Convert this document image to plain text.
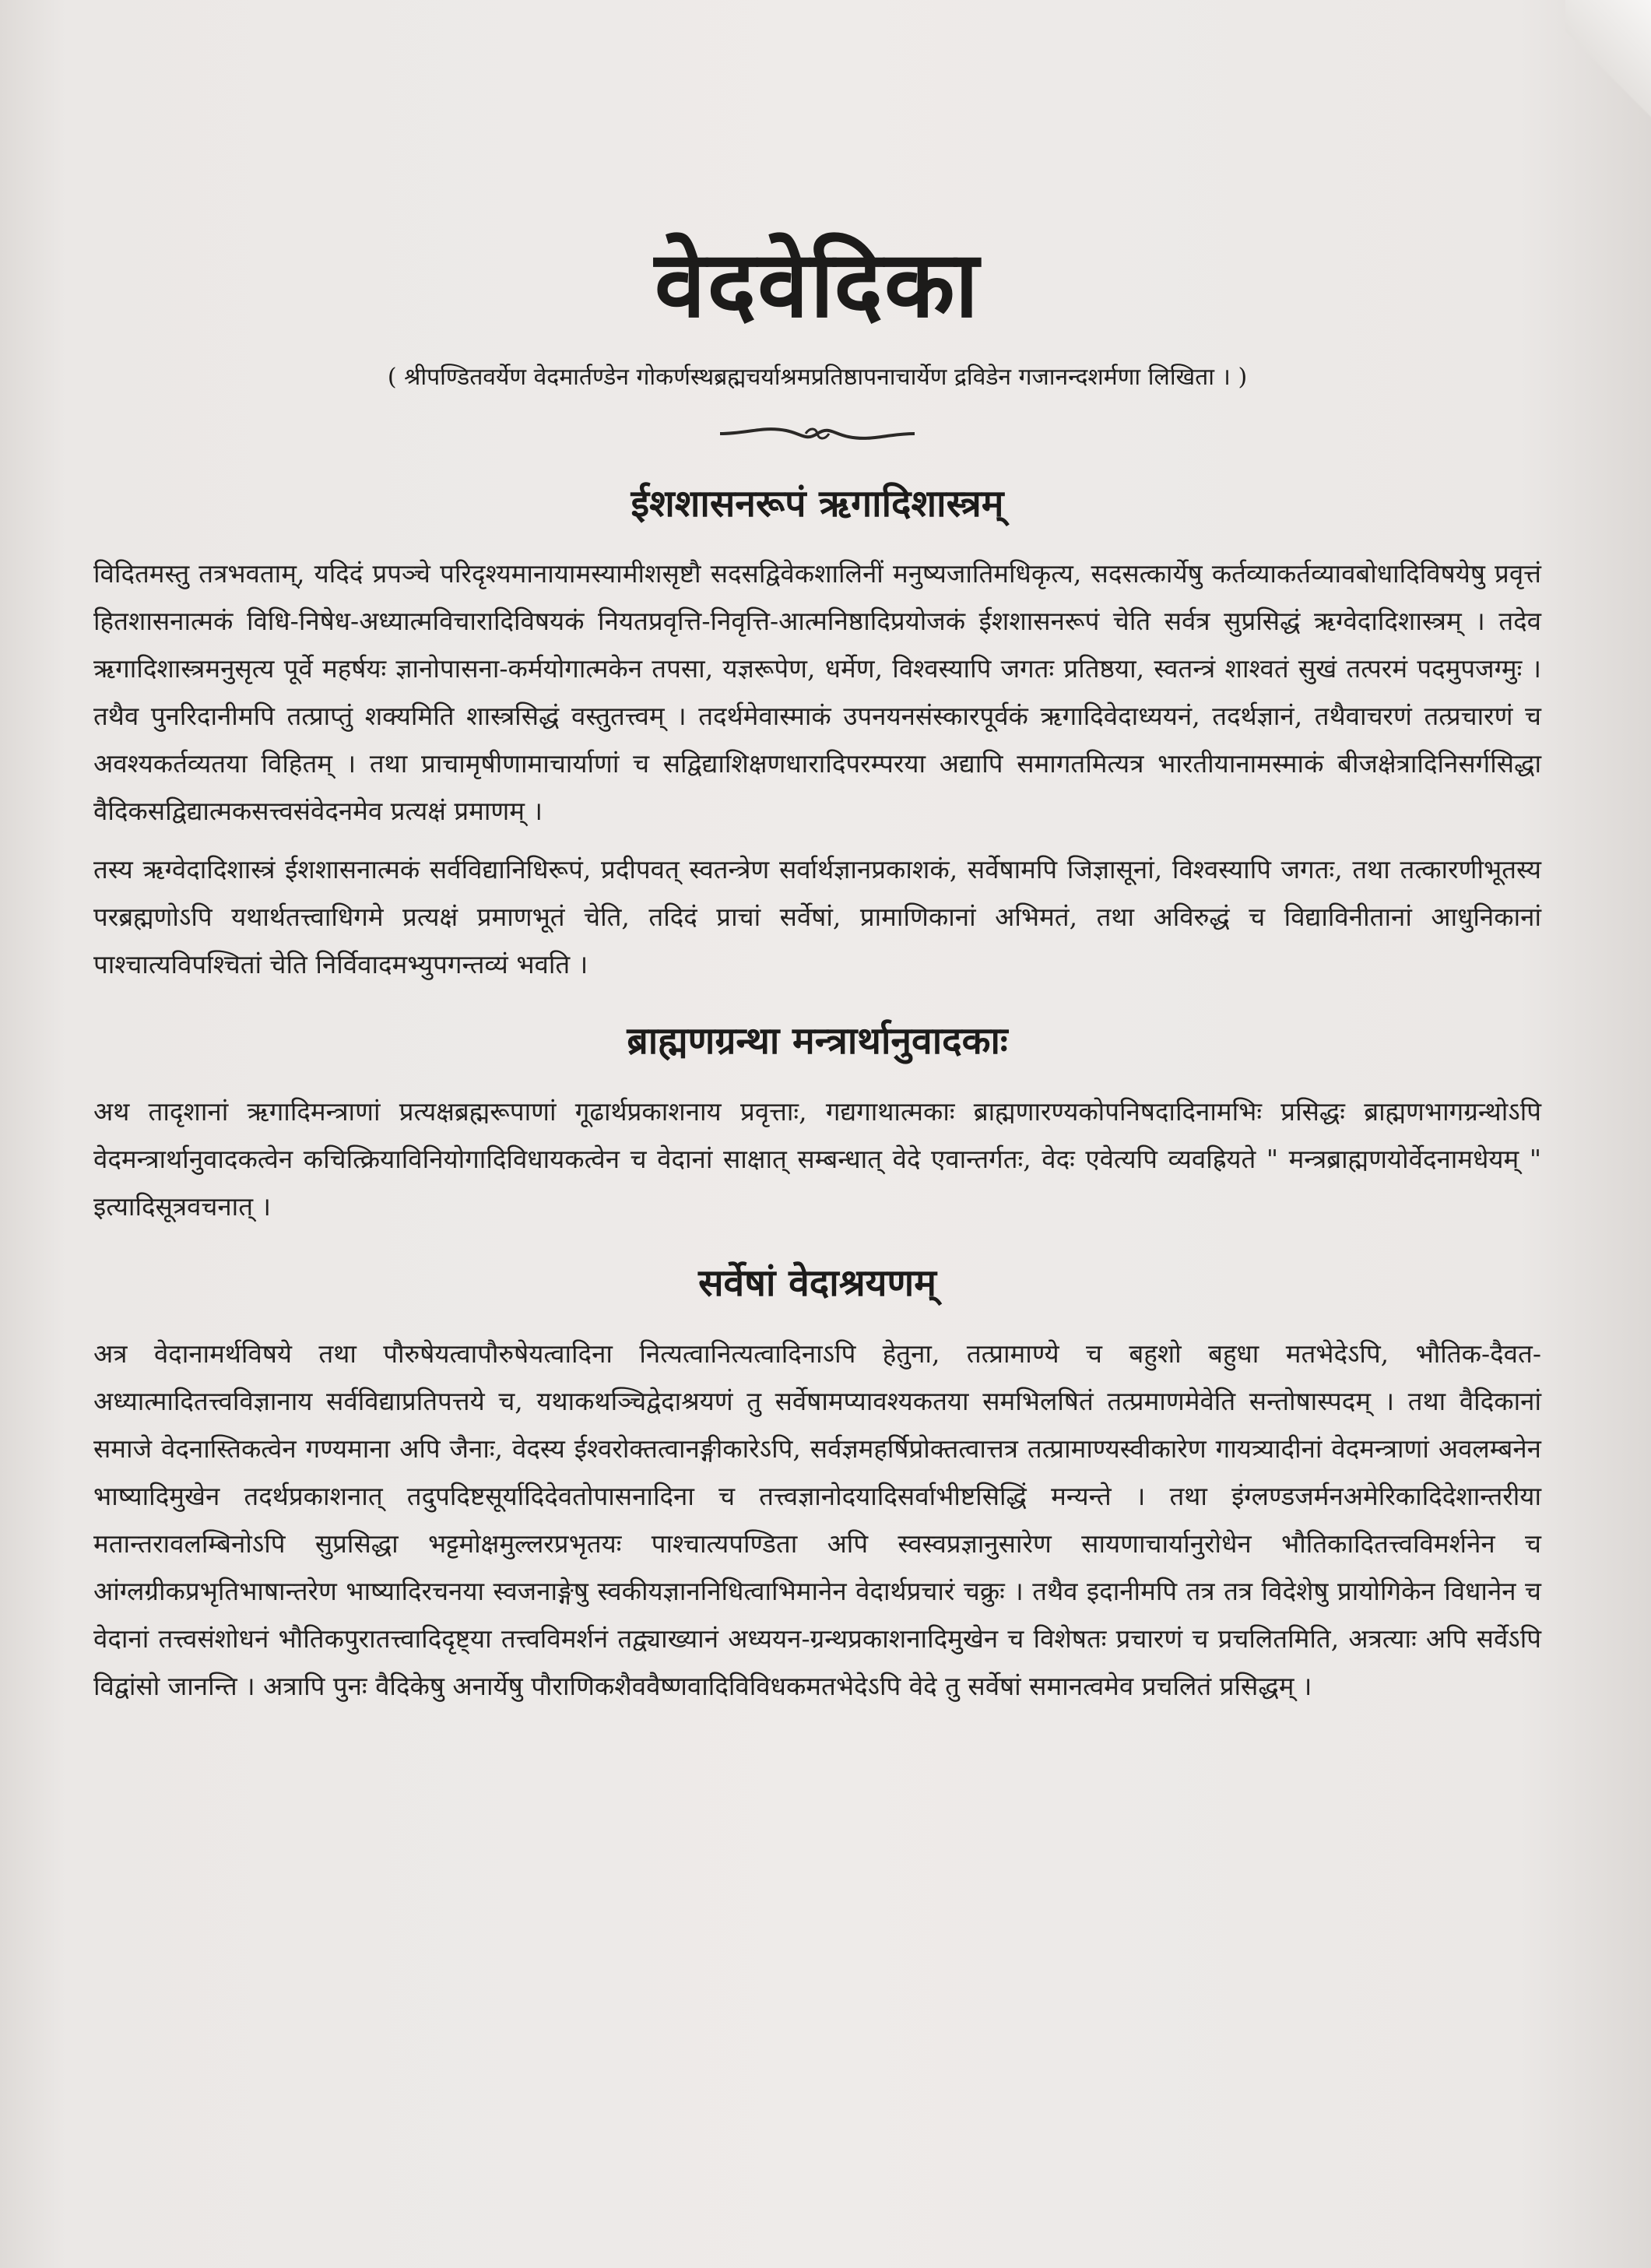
वेदवेदिका
( श्रीपण्डितवर्येण वेदमार्तण्डेन गोकर्णस्थब्रह्मचर्याश्रमप्रतिष्ठापनाचार्येण द्रविडेन गजानन्दशर्मणा लिखिता । )
ईशशासनरूपं ऋगादिशास्त्रम्

विदितमस्तु तत्रभवताम्, यदिदं प्रपञ्चे परिदृश्यमानायामस्यामीशसृष्टौ सदसद्विवेकशालिनीं मनुष्यजातिमधिकृत्य, सदसत्कार्येषु कर्तव्याकर्तव्यावबोधादिविषयेषु प्रवृत्तं हितशासनात्मकं विधि-निषेध-अध्यात्मविचारादिविषयकं नियतप्रवृत्ति-निवृत्ति-आत्मनिष्ठादिप्रयोजकं ईशशासनरूपं चेति सर्वत्र सुप्रसिद्धं ऋग्वेदादिशास्त्रम् । तदेव ऋगादिशास्त्रमनुसृत्य पूर्वे महर्षयः ज्ञानोपासना-कर्मयोगात्मकेन तपसा, यज्ञरूपेण, धर्मेण, विश्वस्यापि जगतः प्रतिष्ठया, स्वतन्त्रं शाश्वतं सुखं तत्परमं पदमुपजग्मुः । तथैव पुनरिदानीमपि तत्प्राप्तुं शक्यमिति शास्त्रसिद्धं वस्तुतत्त्वम् । तदर्थमेवास्माकं उपनयनसंस्कारपूर्वकं ऋगादिवेदाध्ययनं, तदर्थज्ञानं, तथैवाचरणं तत्प्रचारणं च अवश्यकर्तव्यतया विहितम् । तथा प्राचामृषीणामाचार्याणां च सद्विद्याशिक्षणधारादिपरम्परया अद्यापि समागतमित्यत्र भारतीयानामस्माकं बीजक्षेत्रादिनिसर्गसिद्धा वैदिकसद्विद्यात्मकसत्त्वसंवेदनमेव प्रत्यक्षं प्रमाणम् ।

तस्य ऋग्वेदादिशास्त्रं ईशशासनात्मकं सर्वविद्यानिधिरूपं, प्रदीपवत् स्वतन्त्रेण सर्वार्थज्ञानप्रकाशकं, सर्वेषामपि जिज्ञासूनां, विश्वस्यापि जगतः, तथा तत्कारणीभूतस्य परब्रह्मणोऽपि यथार्थतत्त्वाधिगमे प्रत्यक्षं प्रमाणभूतं चेति, तदिदं प्राचां सर्वेषां, प्रामाणिकानां अभिमतं, तथा अविरुद्धं च विद्याविनीतानां आधुनिकानां पाश्चात्यविपश्चितां चेति निर्विवादमभ्युपगन्तव्यं भवति ।

ब्राह्मणग्रन्था मन्त्रार्थानुवादकाः

अथ तादृशानां ऋगादिमन्त्राणां प्रत्यक्षब्रह्मरूपाणां गूढार्थप्रकाशनाय प्रवृत्ताः, गद्यगाथात्मकाः ब्राह्मणारण्यकोपनिषदादिनामभिः प्रसिद्धः ब्राह्मणभागग्रन्थोऽपि वेदमन्त्रार्थानुवादकत्वेन कचित्क्रियाविनियोगादिविधायकत्वेन च वेदानां साक्षात् सम्बन्धात् वेदे एवान्तर्गतः, वेदः एवेत्यपि व्यवह्रियते " मन्त्रब्राह्मणयोर्वेदनामधेयम् " इत्यादिसूत्रवचनात् ।

सर्वेषां वेदाश्रयणम्

अत्र वेदानामर्थविषये तथा पौरुषेयत्वापौरुषेयत्वादिना नित्यत्वानित्यत्वादिनाऽपि हेतुना, तत्प्रामाण्ये च बहुशो बहुधा मतभेदेऽपि, भौतिक-दैवत-अध्यात्मादितत्त्वविज्ञानाय सर्वविद्याप्रतिपत्तये च, यथाकथञ्चिद्वेदाश्रयणं तु सर्वेषामप्यावश्यकतया समभिलषितं तत्प्रमाणमेवेति सन्तोषास्पदम् । तथा वैदिकानां समाजे वेदनास्तिकत्वेन गण्यमाना अपि जैनाः, वेदस्य ईश्वरोक्तत्वानङ्गीकारेऽपि, सर्वज्ञमहर्षिप्रोक्तत्वात्तत्र तत्प्रामाण्यस्वीकारेण गायत्र्यादीनां वेदमन्त्राणां अवलम्बनेन भाष्यादिमुखेन तदर्थप्रकाशनात् तदुपदिष्टसूर्यादिदेवतोपासनादिना च तत्त्वज्ञानोदयादिसर्वाभीष्टसिद्धिं मन्यन्ते । तथा इंग्लण्डजर्मनअमेरिकादिदेशान्तरीया मतान्तरावलम्बिनोऽपि सुप्रसिद्धा भट्टमोक्षमुल्लरप्रभृतयः पाश्चात्यपण्डिता अपि स्वस्वप्रज्ञानुसारेण सायणाचार्यानुरोधेन भौतिकादितत्त्वविमर्शनेन च आंग्लग्रीकप्रभृतिभाषान्तरेण भाष्यादिरचनया स्वजनाङ्गेषु स्वकीयज्ञाननिधित्वाभिमानेन वेदार्थप्रचारं चक्रुः । तथैव इदानीमपि तत्र तत्र विदेशेषु प्रायोगिकेन विधानेन च वेदानां तत्त्वसंशोधनं भौतिकपुरातत्त्वादिदृष्ट्या तत्त्वविमर्शनं तद्व्याख्यानं अध्ययन-ग्रन्थप्रकाशनादिमुखेन च विशेषतः प्रचारणं च प्रचलितमिति, अत्रत्याः अपि सर्वेऽपि विद्वांसो जानन्ति । अत्रापि पुनः वैदिकेषु अनार्येषु पौराणिकशैववैष्णवादिविविधकमतभेदेऽपि वेदे तु सर्वेषां समानत्वमेव प्रचलितं प्रसिद्धम् ।
